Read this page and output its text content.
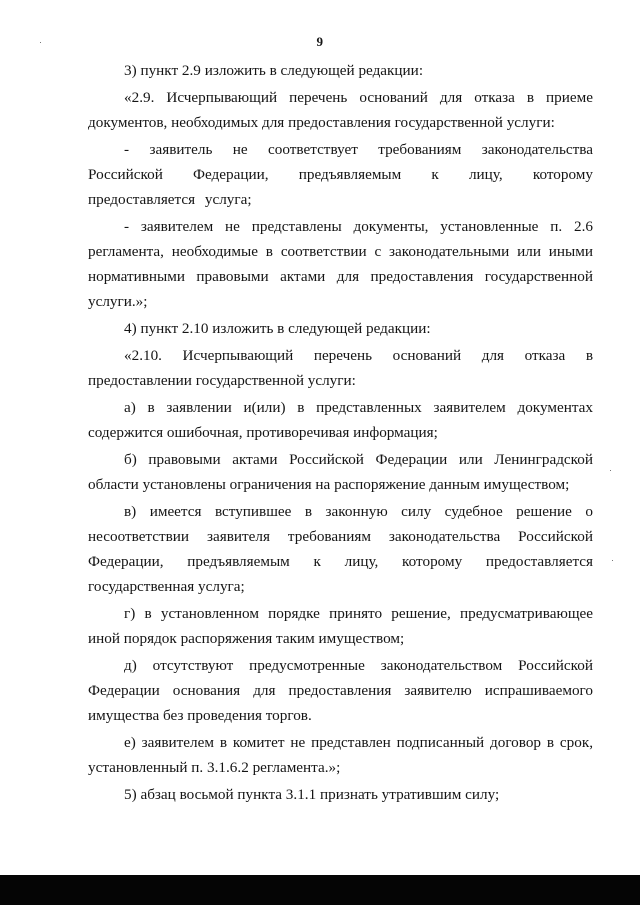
9

3) пункт 2.9 изложить в следующей редакции:

«2.9. Исчерпывающий перечень оснований для отказа в приеме документов, необходимых для предоставления государственной услуги:

- заявитель не соответствует требованиям законодательства Российской Федерации, предъявляемым к лицу, которому предоставляется услуга;

- заявителем не представлены документы, установленные п. 2.6 регламента, необходимые в соответствии с законодательными или иными нормативными правовыми актами для предоставления государственной услуги.»;

4) пункт 2.10 изложить в следующей редакции:

«2.10. Исчерпывающий перечень оснований для отказа в предоставлении государственной услуги:

а) в заявлении и(или) в представленных заявителем документах содержится ошибочная, противоречивая информация;

б) правовыми актами Российской Федерации или Ленинградской области установлены ограничения на распоряжение данным имуществом;

в) имеется вступившее в законную силу судебное решение о несоответствии заявителя требованиям законодательства Российской Федерации, предъявляемым к лицу, которому предоставляется государственная услуга;

г) в установленном порядке принято решение, предусматривающее иной порядок распоряжения таким имуществом;

д) отсутствуют предусмотренные законодательством Российской Федерации основания для предоставления заявителю испрашиваемого имущества без проведения торгов.

е) заявителем в комитет не представлен подписанный договор в срок, установленный п. 3.1.6.2 регламента.»;

5) абзац восьмой пункта 3.1.1 признать утратившим силу;
